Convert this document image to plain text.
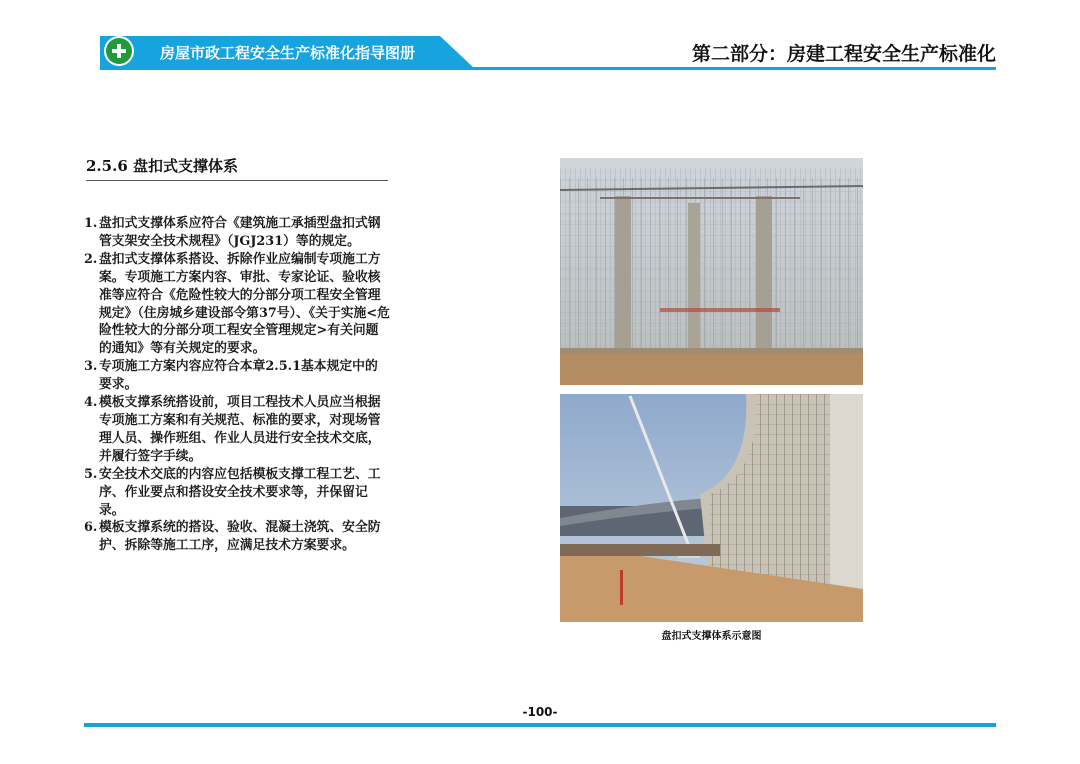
房屋市政工程安全生产标准化指导图册	第二部分：房建工程安全生产标准化
2.5.6 盘扣式支撑体系
1. 盘扣式支撑体系应符合《建筑施工承插型盘扣式钢管支架安全技术规程》（JGJ231）等的规定。
2. 盘扣式支撑体系搭设、拆除作业应编制专项施工方案。专项施工方案内容、审批、专家论证、验收核准等应符合《危险性较大的分部分项工程安全管理规定》（住房城乡建设部令第37号）、《关于实施<危险性较大的分部分项工程安全管理规定>有关问题的通知》等有关规定的要求。
3. 专项施工方案内容应符合本章2.5.1基本规定中的要求。
4. 模板支撑系统搭设前，项目工程技术人员应当根据专项施工方案和有关规范、标准的要求，对现场管理人员、操作班组、作业人员进行安全技术交底，并履行签字手续。
5. 安全技术交底的内容应包括模板支撑工程工艺、工序、作业要点和搭设安全技术要求等，并保留记录。
6. 模板支撑系统的搭设、验收、混凝土浇筑、安全防护、拆除等施工工序，应满足技术方案要求。
盘扣式支撑体系示意图
-100-
